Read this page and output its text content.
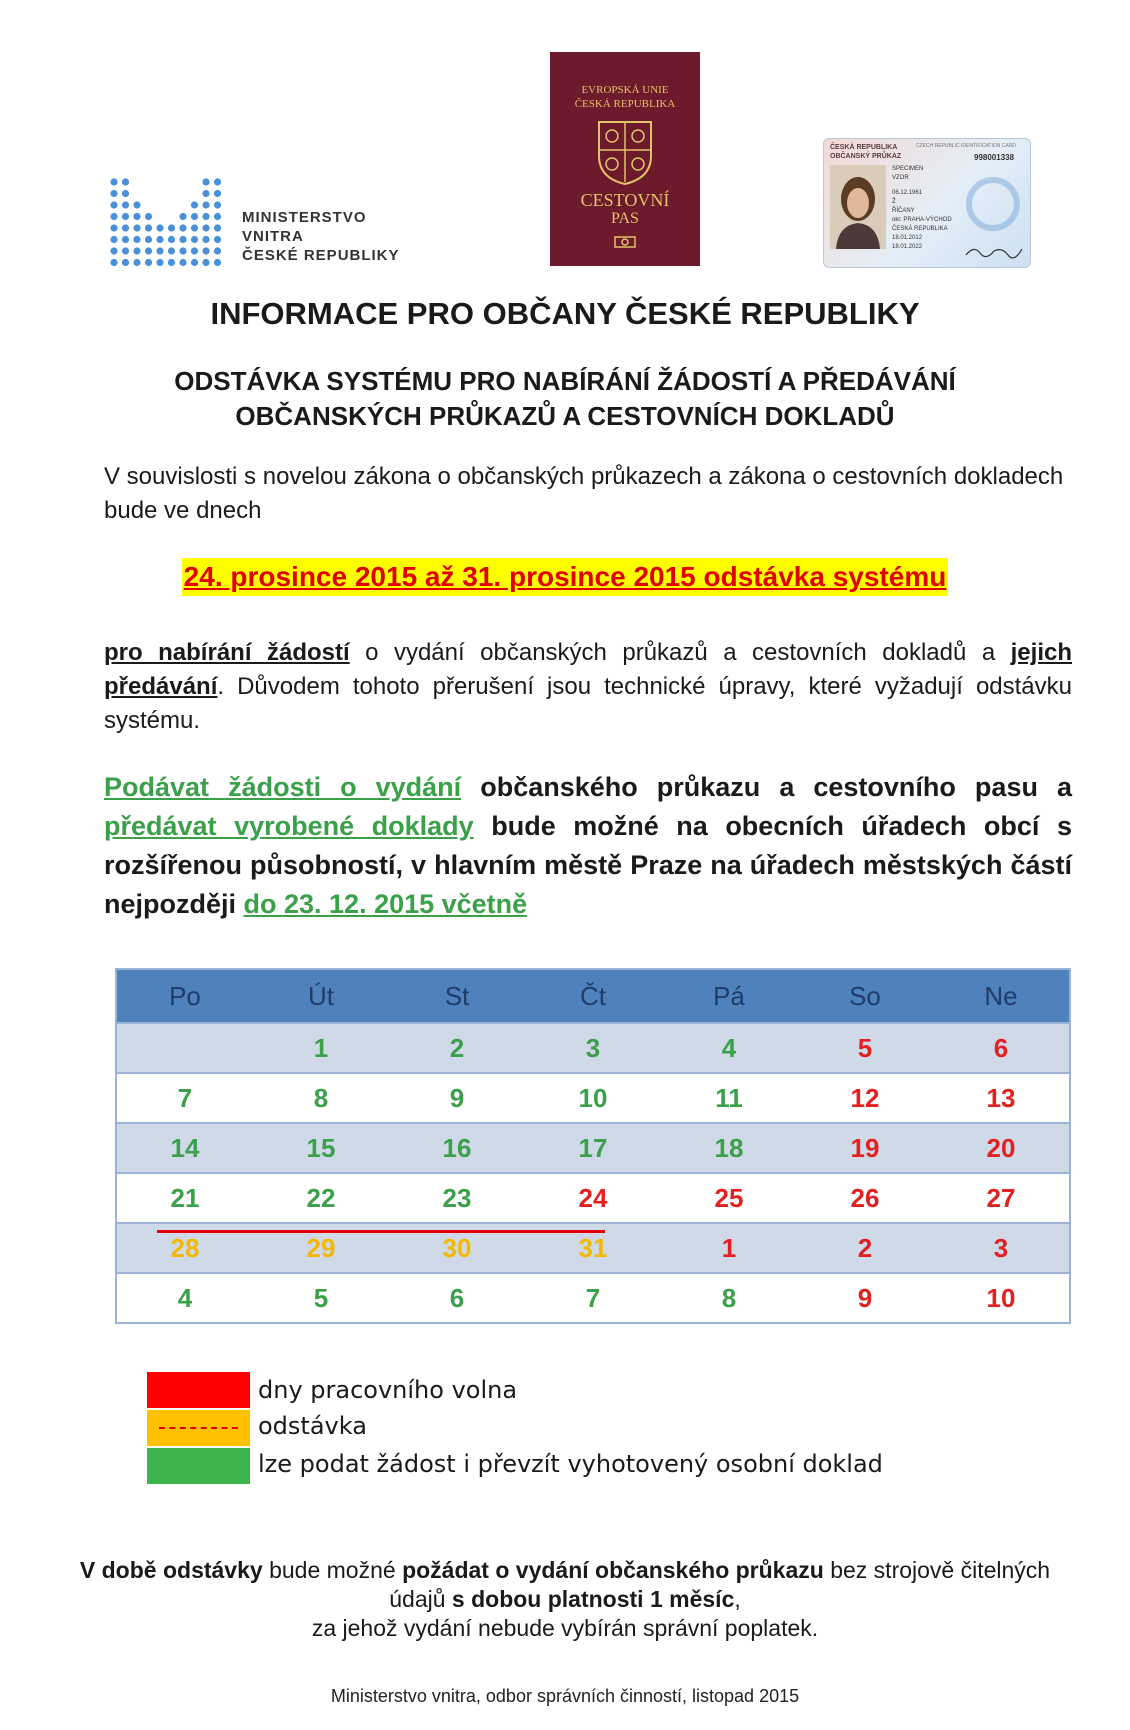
MINISTERSTVO VNITRA
ČESKÉ REPUBLIKY
EVROPSKÁ UNIE
ČESKÁ REPUBLIKA
CESTOVNÍ
PAS
ČESKÁ REPUBLIKA
OBČANSKÝ PRŮKAZ
CZECH REPUBLIC IDENTIFICATION CARD
998001338
SPECIMEN
VZOR
06.12.1961
Ž
ŘÍČANY
okr. PRAHA-VÝCHOD
ČESKÁ REPUBLIKA
18.01.2012
18.01.2022
INFORMACE PRO OBČANY ČESKÉ REPUBLIKY
ODSTÁVKA SYSTÉMU PRO NABÍRÁNÍ ŽÁDOSTÍ A PŘEDÁVÁNÍ
OBČANSKÝCH PRŮKAZŮ A CESTOVNÍCH DOKLADŮ
V souvislosti s novelou zákona o občanských průkazech a zákona o cestovních dokladech bude ve dnech
24. prosince 2015 až 31. prosince 2015 odstávka systému
pro nabírání žádostí o vydání občanských průkazů a cestovních dokladů a jejich předávání. Důvodem tohoto přerušení jsou technické úpravy, které vyžadují odstávku systému.
Podávat žádosti o vydání občanského průkazu a cestovního pasu a předávat vyrobené doklady bude možné na obecních úřadech obcí s rozšířenou působností, v hlavním městě Praze na úřadech městských částí nejpozději do 23. 12. 2015 včetně
Po	Út	St	Čt	Pá	So	Ne
	1	2	3	4	5	6
7	8	9	10	11	12	13
14	15	16	17	18	19	20
21	22	23	24	25	26	27
28	29	30	31	1	2	3
4	5	6	7	8	9	10
dny pracovního volna
odstávka
lze podat žádost i převzít vyhotovený osobní doklad
V době odstávky bude možné požádat o vydání občanského průkazu bez strojově čitelných údajů s dobou platnosti 1 měsíc,
za jehož vydání nebude vybírán správní poplatek.
Ministerstvo vnitra, odbor správních činností, listopad 2015
